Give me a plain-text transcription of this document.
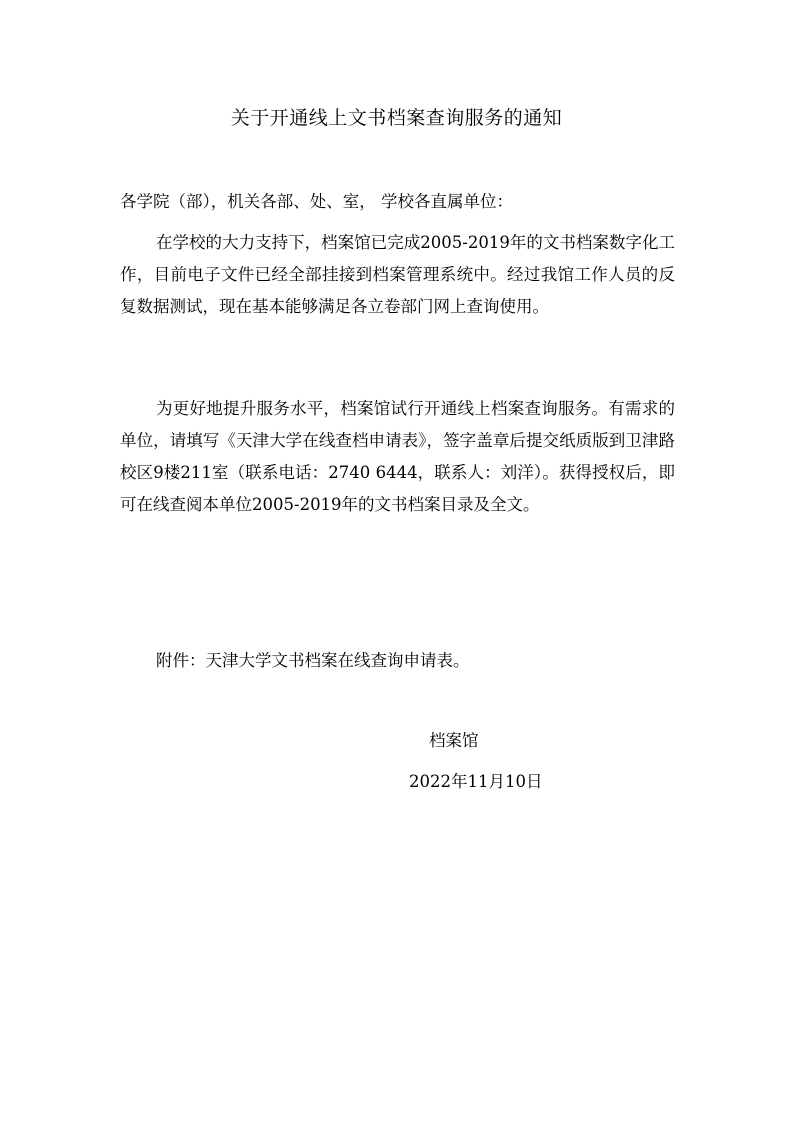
关于开通线上文书档案查询服务的通知

各学院（部），机关各部、处、室， 学校各直属单位：

在学校的大力支持下，档案馆已完成2005-2019年的文书档案数字化工作，目前电子文件已经全部挂接到档案管理系统中。经过我馆工作人员的反复数据测试，现在基本能够满足各立卷部门网上查询使用。

为更好地提升服务水平，档案馆试行开通线上档案查询服务。有需求的单位，请填写《天津大学在线查档申请表》，签字盖章后提交纸质版到卫津路校区9楼211室（联系电话：2740 6444，联系人：刘洋）。获得授权后，即可在线查阅本单位2005-2019年的文书档案目录及全文。

附件：天津大学文书档案在线查询申请表。

档案馆

2022年11月10日
